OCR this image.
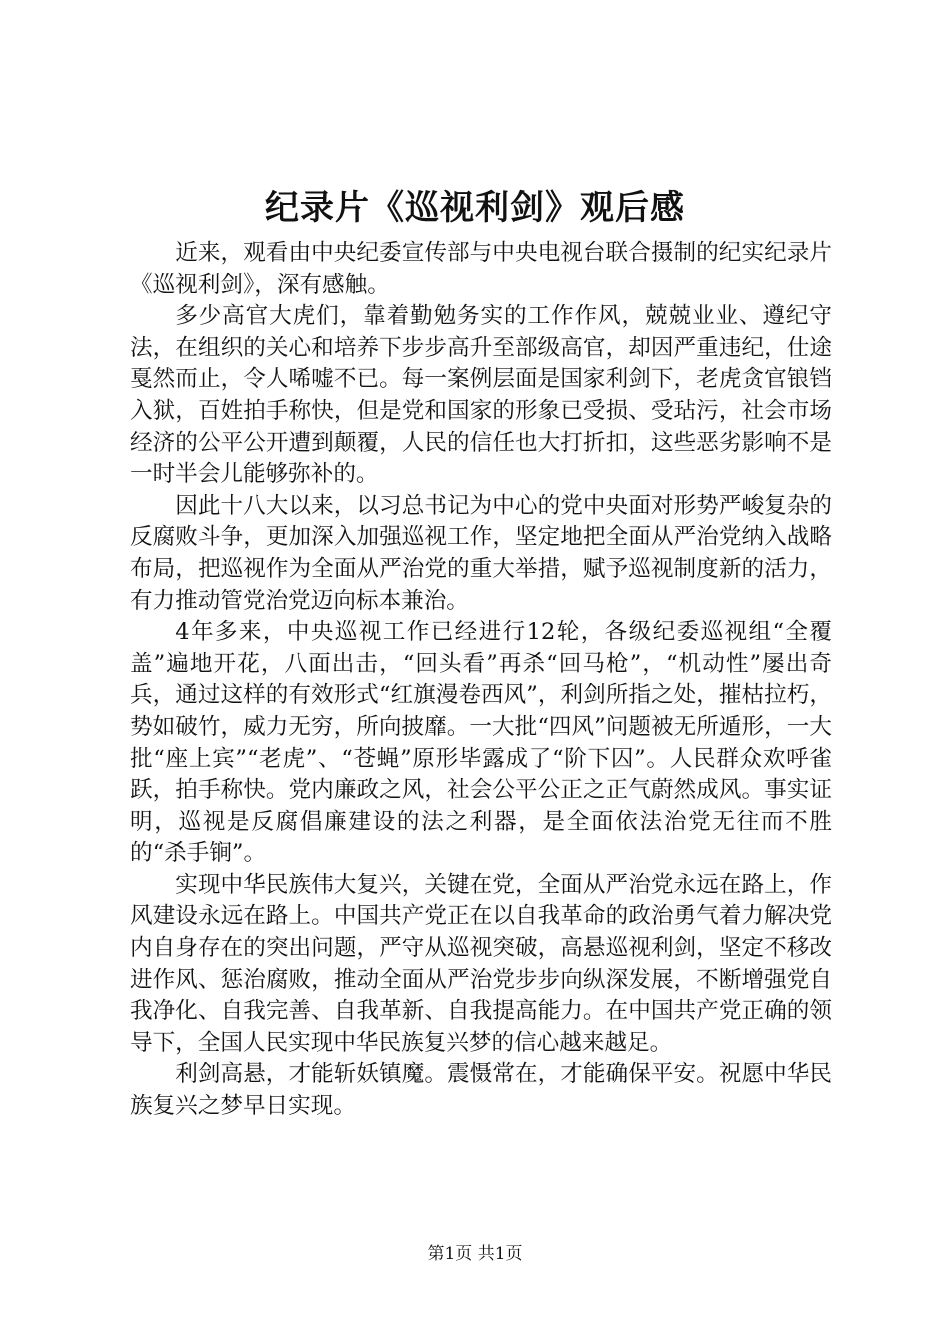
纪录片《巡视利剑》观后感

近来，观看由中央纪委宣传部与中央电视台联合摄制的纪实纪录片《巡视利剑》，深有感触。

多少高官大虎们，靠着勤勉务实的工作作风，兢兢业业、遵纪守法，在组织的关心和培养下步步高升至部级高官，却因严重违纪，仕途戛然而止，令人唏嘘不已。每一案例层面是国家利剑下，老虎贪官锒铛入狱，百姓拍手称快，但是党和国家的形象已受损、受玷污，社会市场经济的公平公开遭到颠覆，人民的信任也大打折扣，这些恶劣影响不是一时半会儿能够弥补的。

因此十八大以来，以习总书记为中心的党中央面对形势严峻复杂的反腐败斗争，更加深入加强巡视工作，坚定地把全面从严治党纳入战略布局，把巡视作为全面从严治党的重大举措，赋予巡视制度新的活力，有力推动管党治党迈向标本兼治。

4年多来，中央巡视工作已经进行12轮，各级纪委巡视组“全覆盖”遍地开花，八面出击，“回头看”再杀“回马枪”，“机动性”屡出奇兵，通过这样的有效形式“红旗漫卷西风”，利剑所指之处，摧枯拉朽，势如破竹，威力无穷，所向披靡。一大批“四风”问题被无所遁形，一大批“座上宾”“老虎”、“苍蝇”原形毕露成了“阶下囚”。人民群众欢呼雀跃，拍手称快。党内廉政之风，社会公平公正之正气蔚然成风。事实证明，巡视是反腐倡廉建设的法之利器，是全面依法治党无往而不胜的“杀手锏”。

实现中华民族伟大复兴，关键在党，全面从严治党永远在路上，作风建设永远在路上。中国共产党正在以自我革命的政治勇气着力解决党内自身存在的突出问题，严守从巡视突破，高悬巡视利剑，坚定不移改进作风、惩治腐败，推动全面从严治党步步向纵深发展，不断增强党自我净化、自我完善、自我革新、自我提高能力。在中国共产党正确的领导下，全国人民实现中华民族复兴梦的信心越来越足。

利剑高悬，才能斩妖镇魔。震慑常在，才能确保平安。祝愿中华民族复兴之梦早日实现。

第1页 共1页
